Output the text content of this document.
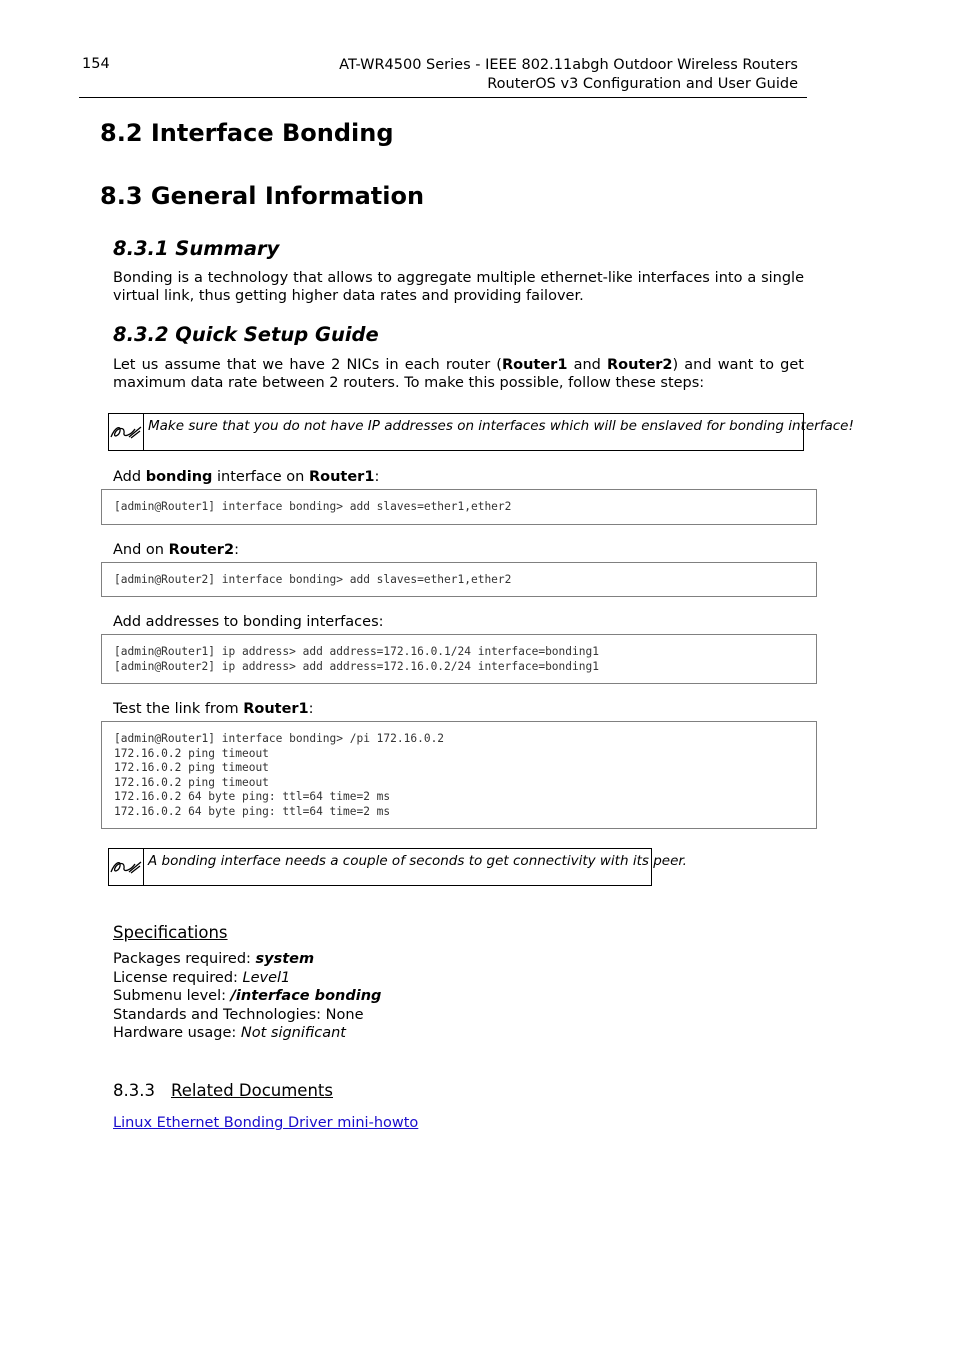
154	AT-WR4500 Series - IEEE 802.11abgh Outdoor Wireless Routers
RouterOS v3 Configuration and User Guide
8.2 Interface Bonding
8.3 General Information
8.3.1 Summary
Bonding is a technology that allows to aggregate multiple ethernet-like interfaces into a single virtual link, thus getting higher data rates and providing failover.
8.3.2 Quick Setup Guide
Let us assume that we have 2 NICs in each router (Router1 and Router2) and want to get maximum data rate between 2 routers. To make this possible, follow these steps:
Make sure that you do not have IP addresses on interfaces which will be enslaved for bonding interface!
Add bonding interface on Router1:
[admin@Router1] interface bonding> add slaves=ether1,ether2
And on Router2:
[admin@Router2] interface bonding> add slaves=ether1,ether2
Add addresses to bonding interfaces:
[admin@Router1] ip address> add address=172.16.0.1/24 interface=bonding1
[admin@Router2] ip address> add address=172.16.0.2/24 interface=bonding1
Test the link from Router1:
[admin@Router1] interface bonding> /pi 172.16.0.2
172.16.0.2 ping timeout
172.16.0.2 ping timeout
172.16.0.2 ping timeout
172.16.0.2 64 byte ping: ttl=64 time=2 ms
172.16.0.2 64 byte ping: ttl=64 time=2 ms
A bonding interface needs a couple of seconds to get connectivity with its peer.
Specifications
Packages required: system
License required: Level1
Submenu level: /interface bonding
Standards and Technologies: None
Hardware usage: Not significant
8.3.3 Related Documents
Linux Ethernet Bonding Driver mini-howto
